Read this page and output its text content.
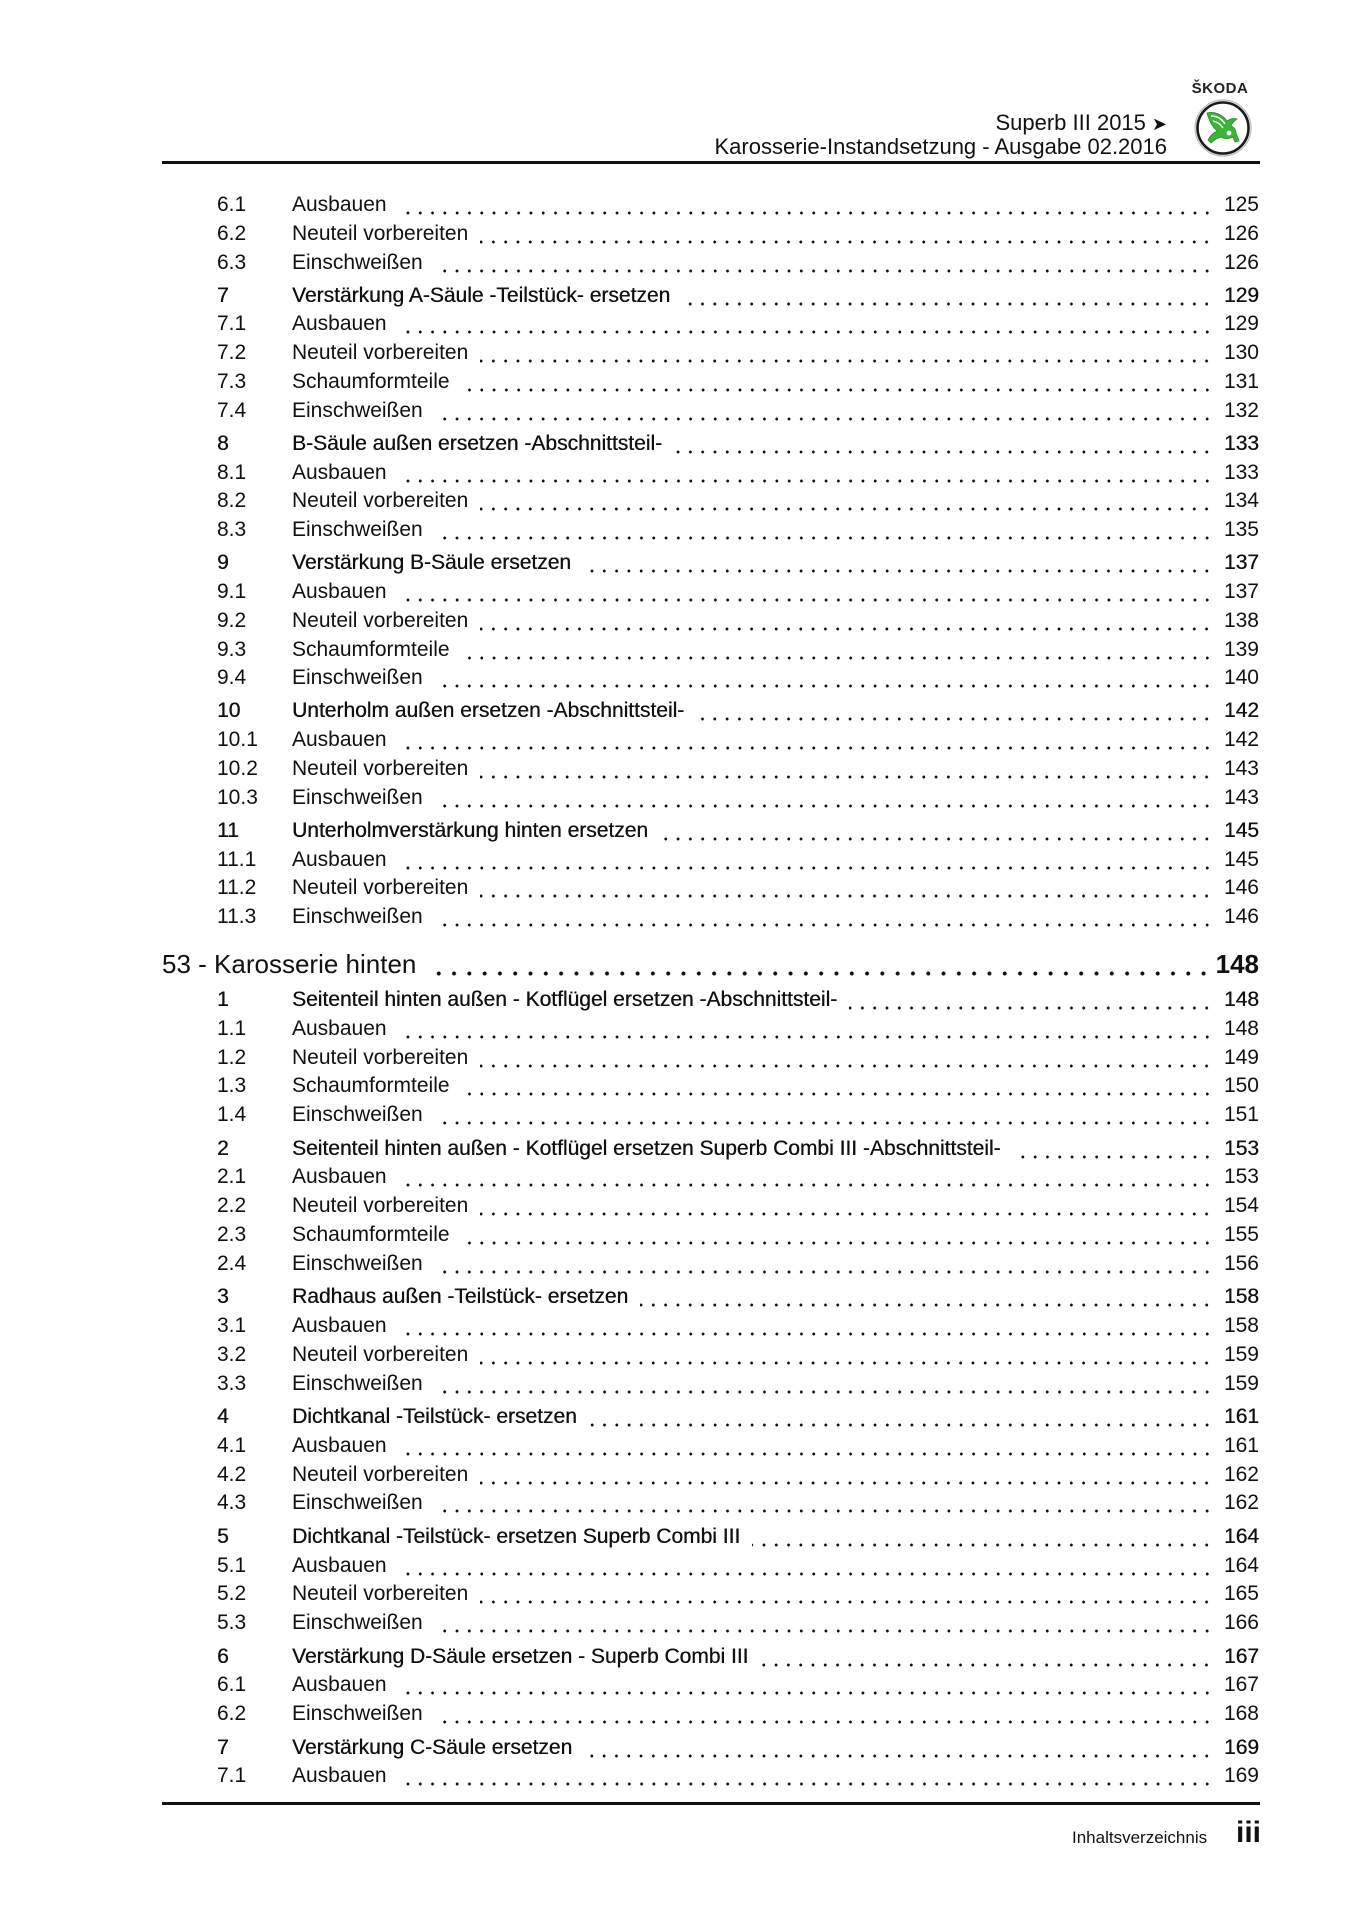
Superb III 2015 ➤
Karosserie-Instandsetzung - Ausgabe 02.2016
ŠKODA
6.1	Ausbauen	125
6.2	Neuteil vorbereiten	126
6.3	Einschweißen	126
7	Verstärkung A-Säule -Teilstück- ersetzen	129
7.1	Ausbauen	129
7.2	Neuteil vorbereiten	130
7.3	Schaumformteile	131
7.4	Einschweißen	132
8	B-Säule außen ersetzen -Abschnittsteil-	133
8.1	Ausbauen	133
8.2	Neuteil vorbereiten	134
8.3	Einschweißen	135
9	Verstärkung B-Säule ersetzen	137
9.1	Ausbauen	137
9.2	Neuteil vorbereiten	138
9.3	Schaumformteile	139
9.4	Einschweißen	140
10	Unterholm außen ersetzen -Abschnittsteil-	142
10.1	Ausbauen	142
10.2	Neuteil vorbereiten	143
10.3	Einschweißen	143
11	Unterholmverstärkung hinten ersetzen	145
11.1	Ausbauen	145
11.2	Neuteil vorbereiten	146
11.3	Einschweißen	146
53 - Karosserie hinten	148
1	Seitenteil hinten außen - Kotflügel ersetzen -Abschnittsteil-	148
1.1	Ausbauen	148
1.2	Neuteil vorbereiten	149
1.3	Schaumformteile	150
1.4	Einschweißen	151
2	Seitenteil hinten außen - Kotflügel ersetzen Superb Combi III -Abschnittsteil-	153
2.1	Ausbauen	153
2.2	Neuteil vorbereiten	154
2.3	Schaumformteile	155
2.4	Einschweißen	156
3	Radhaus außen -Teilstück- ersetzen	158
3.1	Ausbauen	158
3.2	Neuteil vorbereiten	159
3.3	Einschweißen	159
4	Dichtkanal -Teilstück- ersetzen	161
4.1	Ausbauen	161
4.2	Neuteil vorbereiten	162
4.3	Einschweißen	162
5	Dichtkanal -Teilstück- ersetzen Superb Combi III	164
5.1	Ausbauen	164
5.2	Neuteil vorbereiten	165
5.3	Einschweißen	166
6	Verstärkung D-Säule ersetzen - Superb Combi III	167
6.1	Ausbauen	167
6.2	Einschweißen	168
7	Verstärkung C-Säule ersetzen	169
7.1	Ausbauen	169
Inhaltsverzeichnis iii
